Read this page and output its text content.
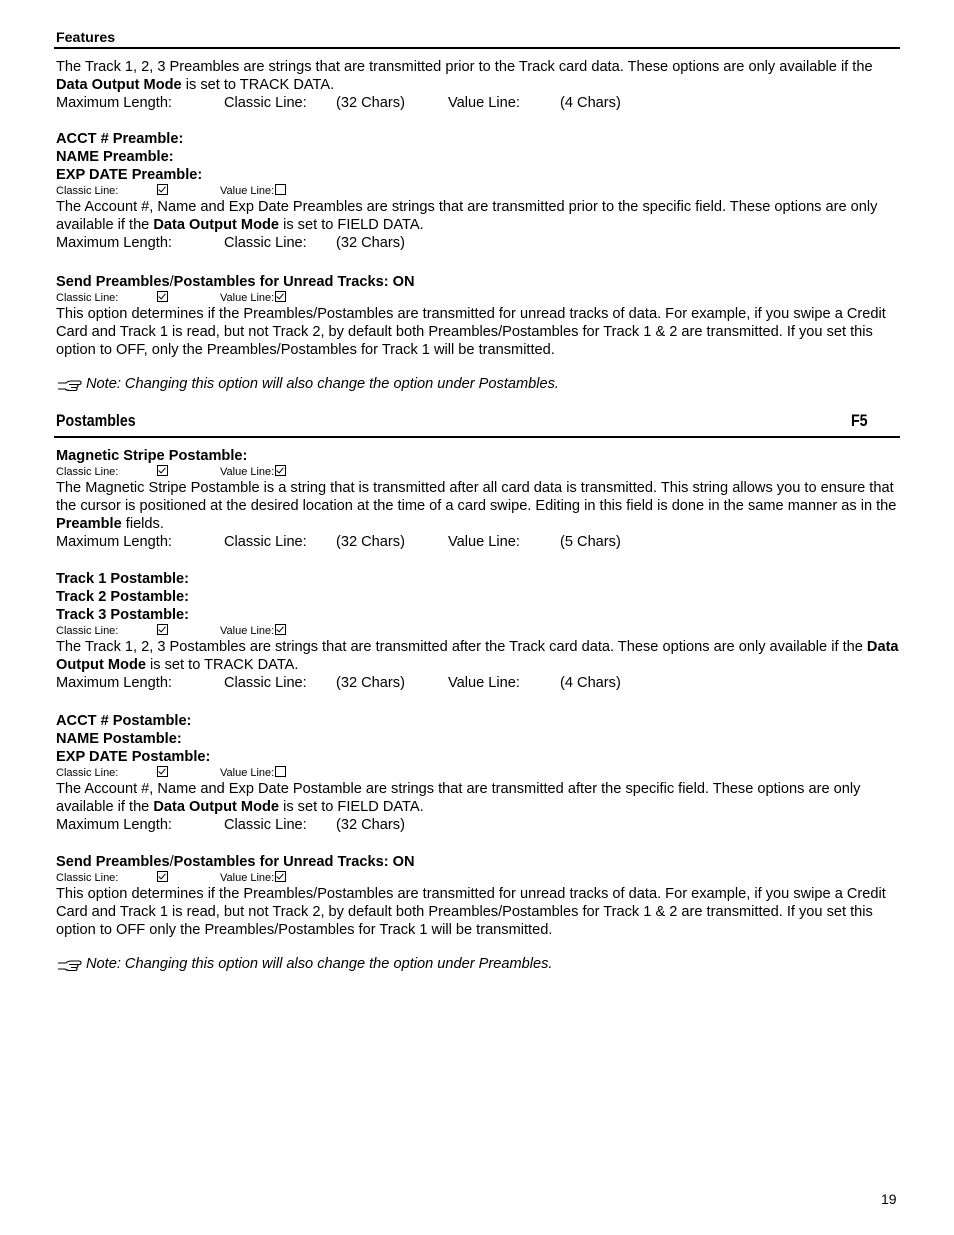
Features

The Track 1, 2, 3 Preambles are strings that are transmitted prior to the Track card data. These options are only available if the Data Output Mode is set to TRACK DATA.

Maximum Length:	Classic Line: (32 Chars)	Value Line:	(4 Chars)

ACCT # Preamble:

NAME Preamble:

EXP DATE Preamble:

Classic Line:	Value Line:

The Account #, Name and Exp Date Preambles are strings that are transmitted prior to the specific field. These options are only available if the Data Output Mode is set to FIELD DATA.

Maximum Length:	Classic Line: (32 Chars)

Send Preambles/Postambles for Unread Tracks: ON

Classic Line:	Value Line:

This option determines if the Preambles/Postambles are transmitted for unread tracks of data. For example, if you swipe a Credit Card and Track 1 is read, but not Track 2, by default both Preambles/Postambles for Track 1 & 2 are transmitted. If you set this option to OFF, only the Preambles/Postambles for Track 1 will be transmitted.

Note: Changing this option will also change the option under Postambles.
Postambles	F5

Magnetic Stripe Postamble:

Classic Line:	Value Line:

The Magnetic Stripe Postamble is a string that is transmitted after all card data is transmitted. This string allows you to ensure that the cursor is positioned at the desired location at the time of a card swipe. Editing in this field is done in the same manner as in the Preamble fields.

Maximum Length:	Classic Line: (32 Chars)	Value Line:	(5 Chars)

Track 1 Postamble:

Track 2 Postamble:

Track 3 Postamble:

Classic Line:	Value Line:

The Track 1, 2, 3 Postambles are strings that are transmitted after the Track card data. These options are only available if the Data Output Mode is set to TRACK DATA.

Maximum Length:	Classic Line: (32 Chars)	Value Line:	(4 Chars)

ACCT # Postamble:

NAME Postamble:

EXP DATE Postamble:

Classic Line:	Value Line:

The Account #, Name and Exp Date Postamble are strings that are transmitted after the specific field. These options are only available if the Data Output Mode is set to FIELD DATA.

Maximum Length:	Classic Line: (32 Chars)

Send Preambles/Postambles for Unread Tracks: ON

Classic Line:	Value Line:

This option determines if the Preambles/Postambles are transmitted for unread tracks of data. For example, if you swipe a Credit Card and Track 1 is read, but not Track 2, by default both Preambles/Postambles for Track 1 & 2 are transmitted. If you set this option to OFF only the Preambles/Postambles for Track 1 will be transmitted.

Note: Changing this option will also change the option under Preambles.
19
